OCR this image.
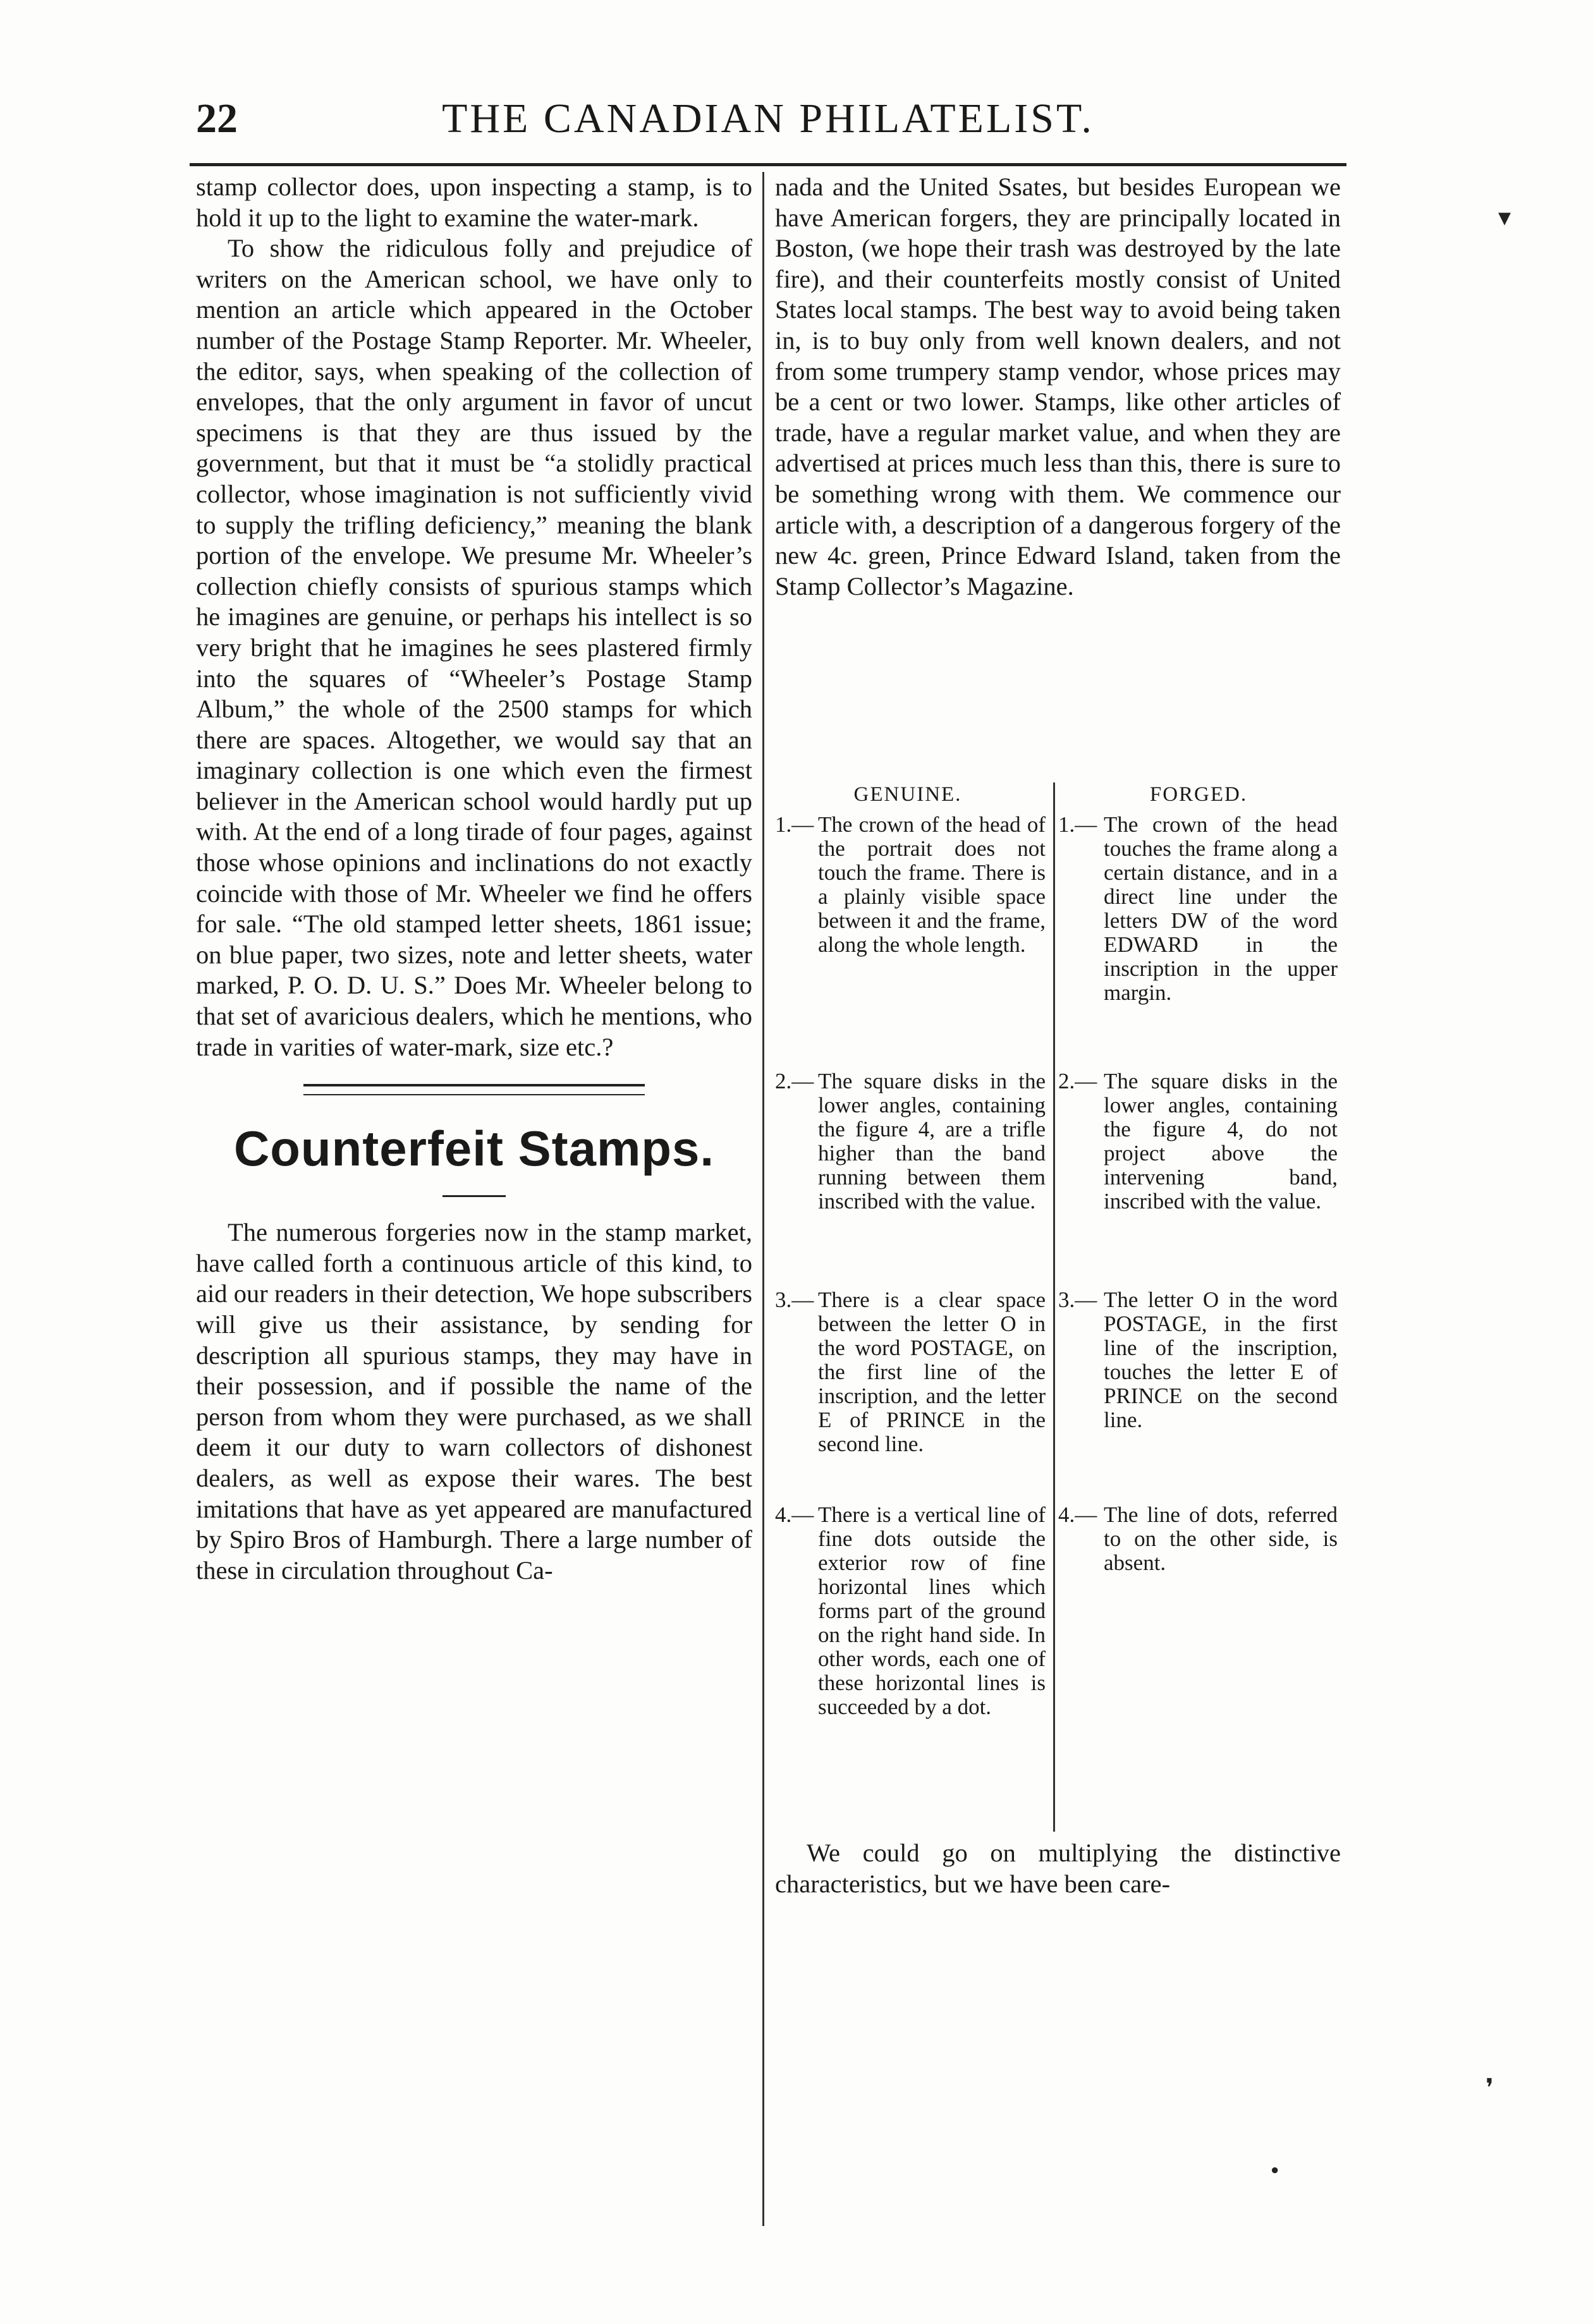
22	THE CANADIAN PHILATELIST.

stamp collector does, upon inspecting a stamp, is to hold it up to the light to examine the water-mark.

To show the ridiculous folly and prejudice of writers on the American school, we have only to mention an article which appeared in the October number of the Postage Stamp Reporter. Mr. Wheeler, the editor, says, when speaking of the collection of envelopes, that the only argument in favor of uncut specimens is that they are thus issued by the government, but that it must be “a stolidly practical collector, whose imagination is not sufficiently vivid to supply the trifling deficiency,” meaning the blank portion of the envelope. We presume Mr. Wheeler’s collection chiefly consists of spurious stamps which he imagines are genuine, or perhaps his intellect is so very bright that he imagines he sees plastered firmly into the squares of “Wheeler’s Postage Stamp Album,” the whole of the 2500 stamps for which there are spaces. Altogether, we would say that an imaginary collection is one which even the firmest believer in the American school would hardly put up with. At the end of a long tirade of four pages, against those whose opinions and inclinations do not exactly coincide with those of Mr. Wheeler we find he offers for sale. “The old stamped letter sheets, 1861 issue; on blue paper, two sizes, note and letter sheets, water marked, P. O. D. U. S.” Does Mr. Wheeler belong to that set of avaricious dealers, which he mentions, who trade in varities of water-mark, size etc.?

Counterfeit Stamps.

The numerous forgeries now in the stamp market, have called forth a continuous article of this kind, to aid our readers in their detection, We hope subscribers will give us their assistance, by sending for description all spurious stamps, they may have in their possession, and if possible the name of the person from whom they were purchased, as we shall deem it our duty to warn collectors of dishonest dealers, as well as expose their wares. The best imitations that have as yet appeared are manufactured by Spiro Bros of Hamburgh. There a large number of these in circulation throughout Ca-

nada and the United Ssates, but besides European we have American forgers, they are principally located in Boston, (we hope their trash was destroyed by the late fire), and their counterfeits mostly consist of United States local stamps. The best way to avoid being taken in, is to buy only from well known dealers, and not from some trumpery stamp vendor, whose prices may be a cent or two lower. Stamps, like other articles of trade, have a regular market value, and when they are advertised at prices much less than this, there is sure to be something wrong with them. We commence our article with, a description of a dangerous forgery of the new 4c. green, Prince Edward Island, taken from the Stamp Collector’s Magazine.

GENUINE.	FORGED.
1.— The crown of the head of the portrait does not touch the frame. There is a plainly visible space between it and the frame, along the whole length.
1.— The crown of the head touches the frame along a certain distance, and in a direct line under the letters DW of the word EDWARD in the inscription in the upper margin.
2.— The square disks in the lower angles, containing the figure 4, are a trifle higher than the band running between them inscribed with the value.
2.— The square disks in the lower angles, containing the figure 4, do not project above the intervening band, inscribed with the value.
3.— There is a clear space between the letter O in the word POSTAGE, on the first line of the inscription, and the letter E of PRINCE in the second line.
3.— The letter O in the word POSTAGE, in the first line of the inscription, touches the letter E of PRINCE on the second line.
4.— There is a vertical line of fine dots outside the exterior row of fine horizontal lines which forms part of the ground on the right hand side. In other words, each one of these horizontal lines is succeeded by a dot.
4.— The line of dots, referred to on the other side, is absent.

We could go on multiplying the distinctive characteristics, but we have been care-

▾
❜
●
